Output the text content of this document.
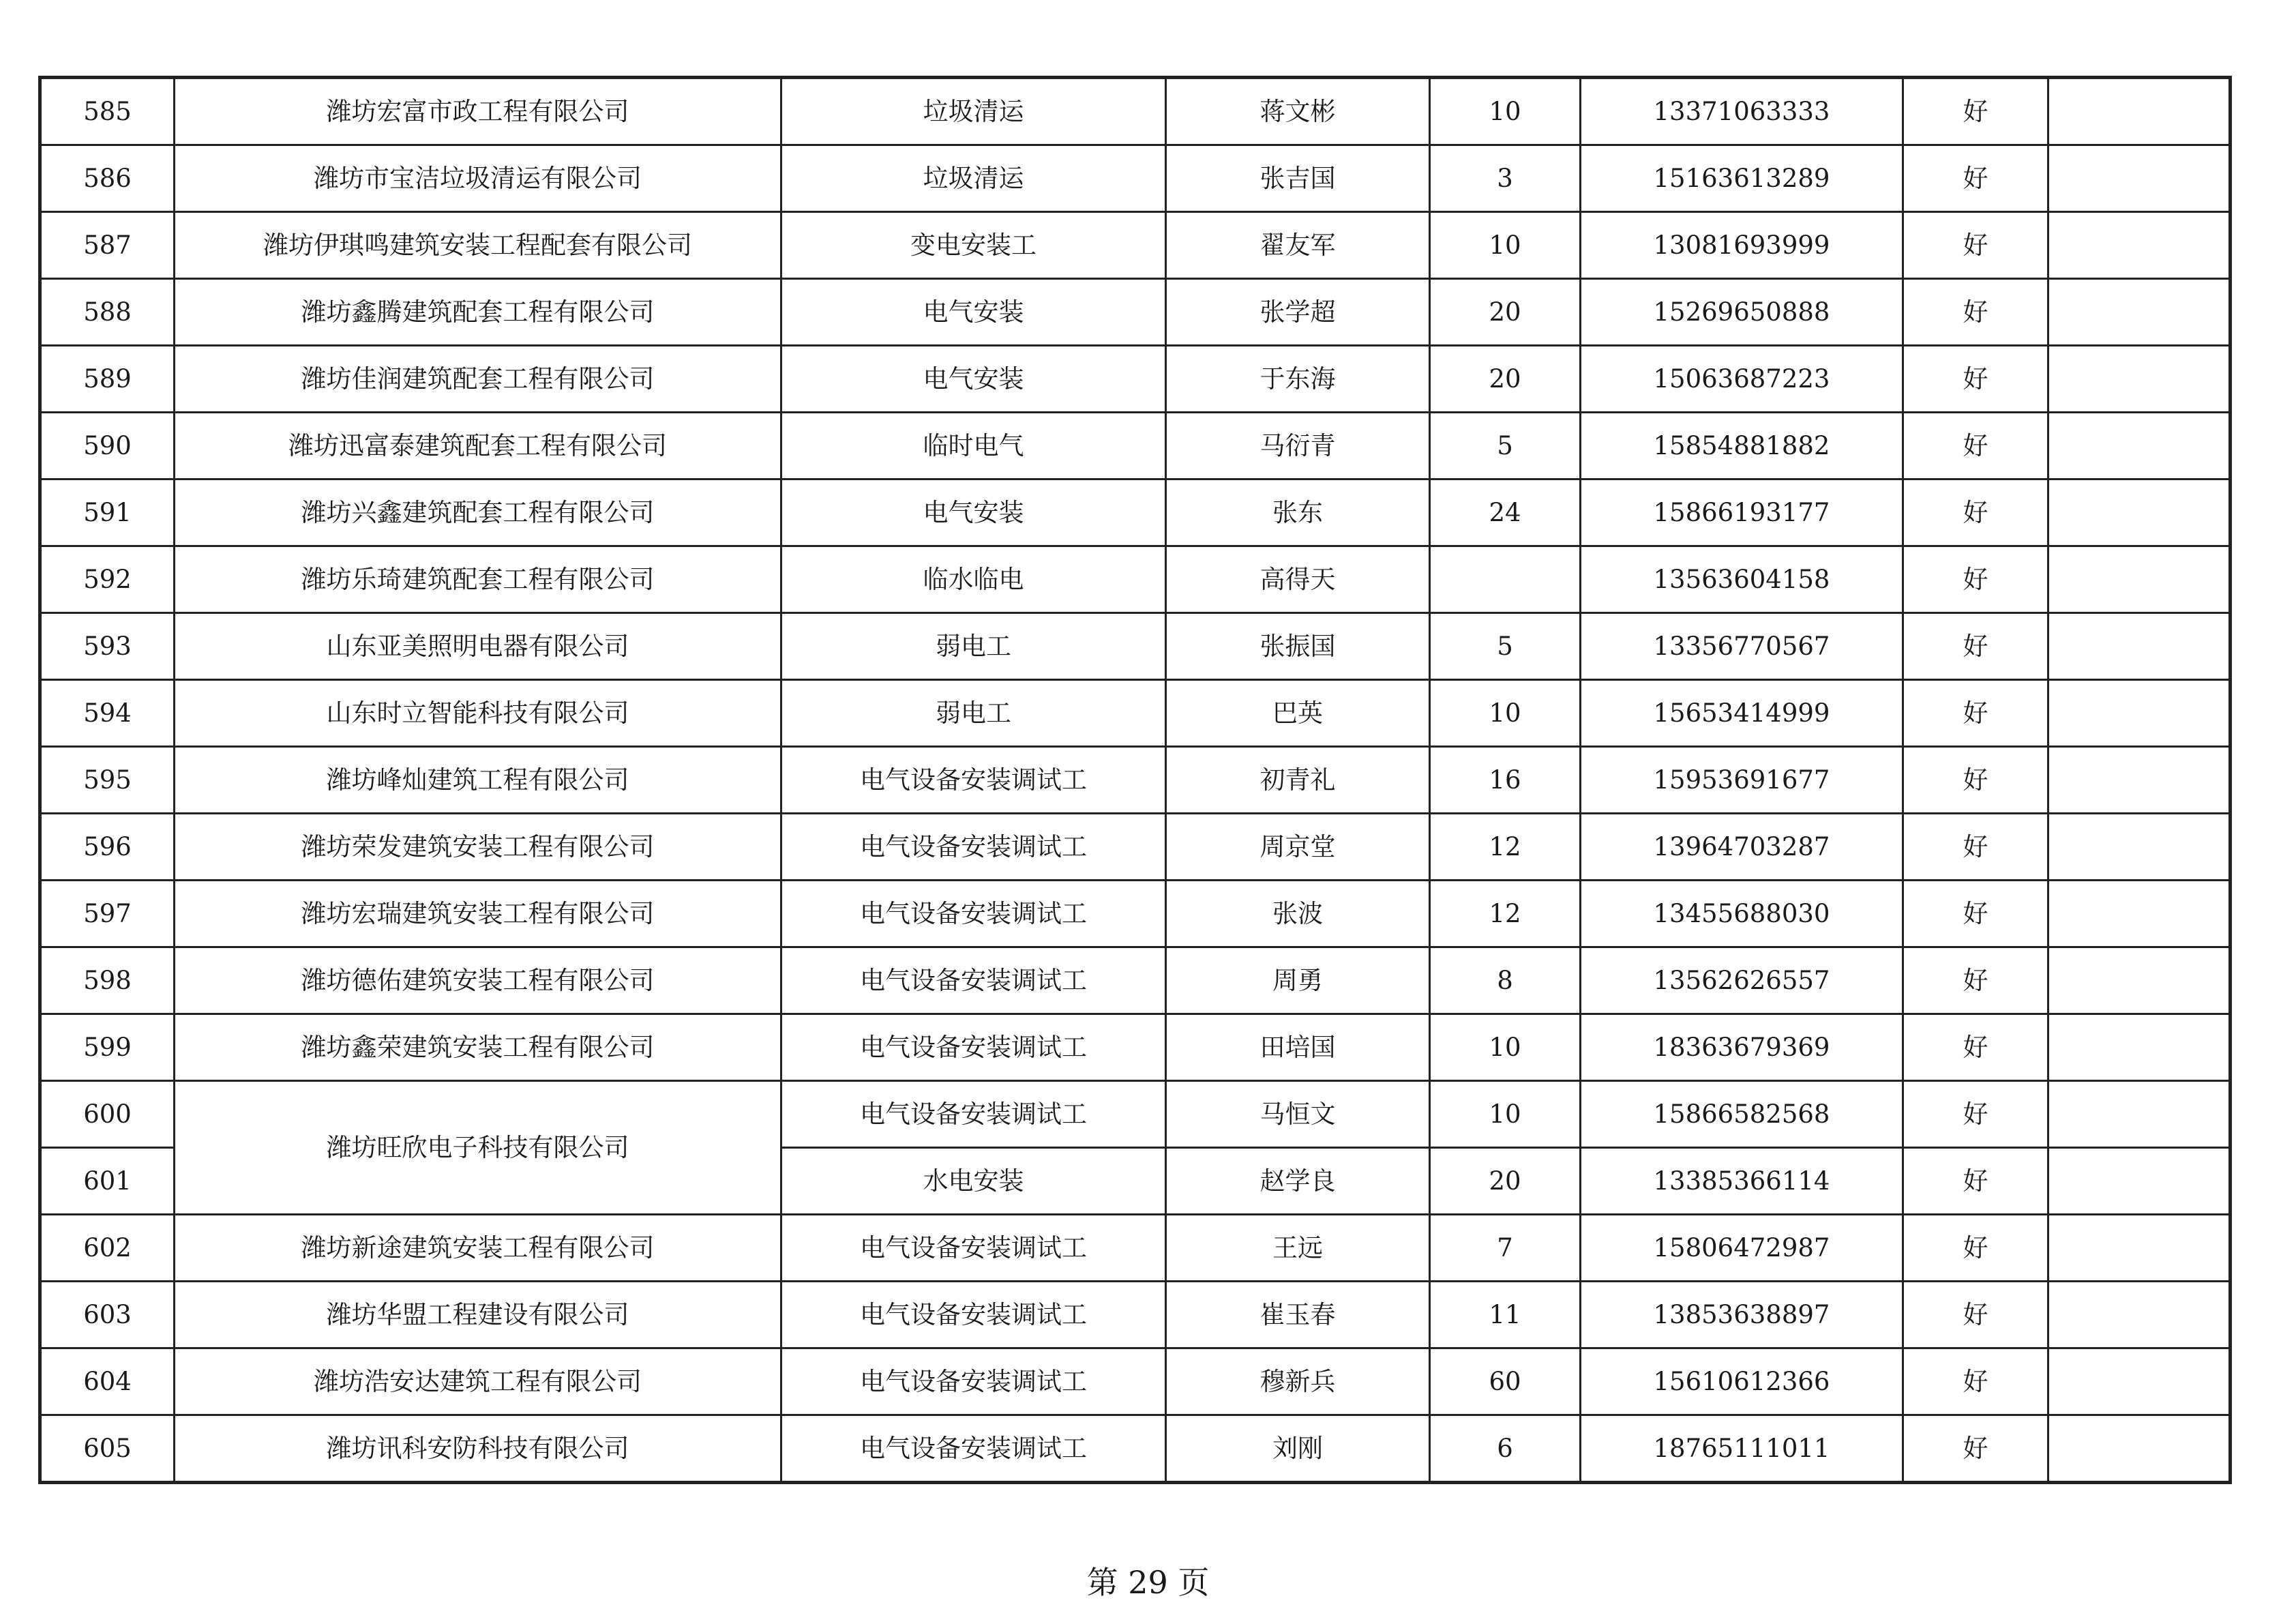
585	潍坊宏富市政工程有限公司	垃圾清运	蒋文彬	10	13371063333	好	
586	潍坊市宝洁垃圾清运有限公司	垃圾清运	张吉国	3	15163613289	好	
587	潍坊伊琪鸣建筑安装工程配套有限公司	变电安装工	翟友军	10	13081693999	好	
588	潍坊鑫腾建筑配套工程有限公司	电气安装	张学超	20	15269650888	好	
589	潍坊佳润建筑配套工程有限公司	电气安装	于东海	20	15063687223	好	
590	潍坊迅富泰建筑配套工程有限公司	临时电气	马衍青	5	15854881882	好	
591	潍坊兴鑫建筑配套工程有限公司	电气安装	张东	24	15866193177	好	
592	潍坊乐琦建筑配套工程有限公司	临水临电	高得天		13563604158	好	
593	山东亚美照明电器有限公司	弱电工	张振国	5	13356770567	好	
594	山东时立智能科技有限公司	弱电工	巴英	10	15653414999	好	
595	潍坊峰灿建筑工程有限公司	电气设备安装调试工	初青礼	16	15953691677	好	
596	潍坊荣发建筑安装工程有限公司	电气设备安装调试工	周京堂	12	13964703287	好	
597	潍坊宏瑞建筑安装工程有限公司	电气设备安装调试工	张波	12	13455688030	好	
598	潍坊德佑建筑安装工程有限公司	电气设备安装调试工	周勇	8	13562626557	好	
599	潍坊鑫荣建筑安装工程有限公司	电气设备安装调试工	田培国	10	18363679369	好	
600	潍坊旺欣电子科技有限公司	电气设备安装调试工	马恒文	10	15866582568	好	
601		水电安装	赵学良	20	13385366114	好	
602	潍坊新途建筑安装工程有限公司	电气设备安装调试工	王远	7	15806472987	好	
603	潍坊华盟工程建设有限公司	电气设备安装调试工	崔玉春	11	13853638897	好	
604	潍坊浩安达建筑工程有限公司	电气设备安装调试工	穆新兵	60	15610612366	好	
605	潍坊讯科安防科技有限公司	电气设备安装调试工	刘刚	6	18765111011	好	
第 29 页
